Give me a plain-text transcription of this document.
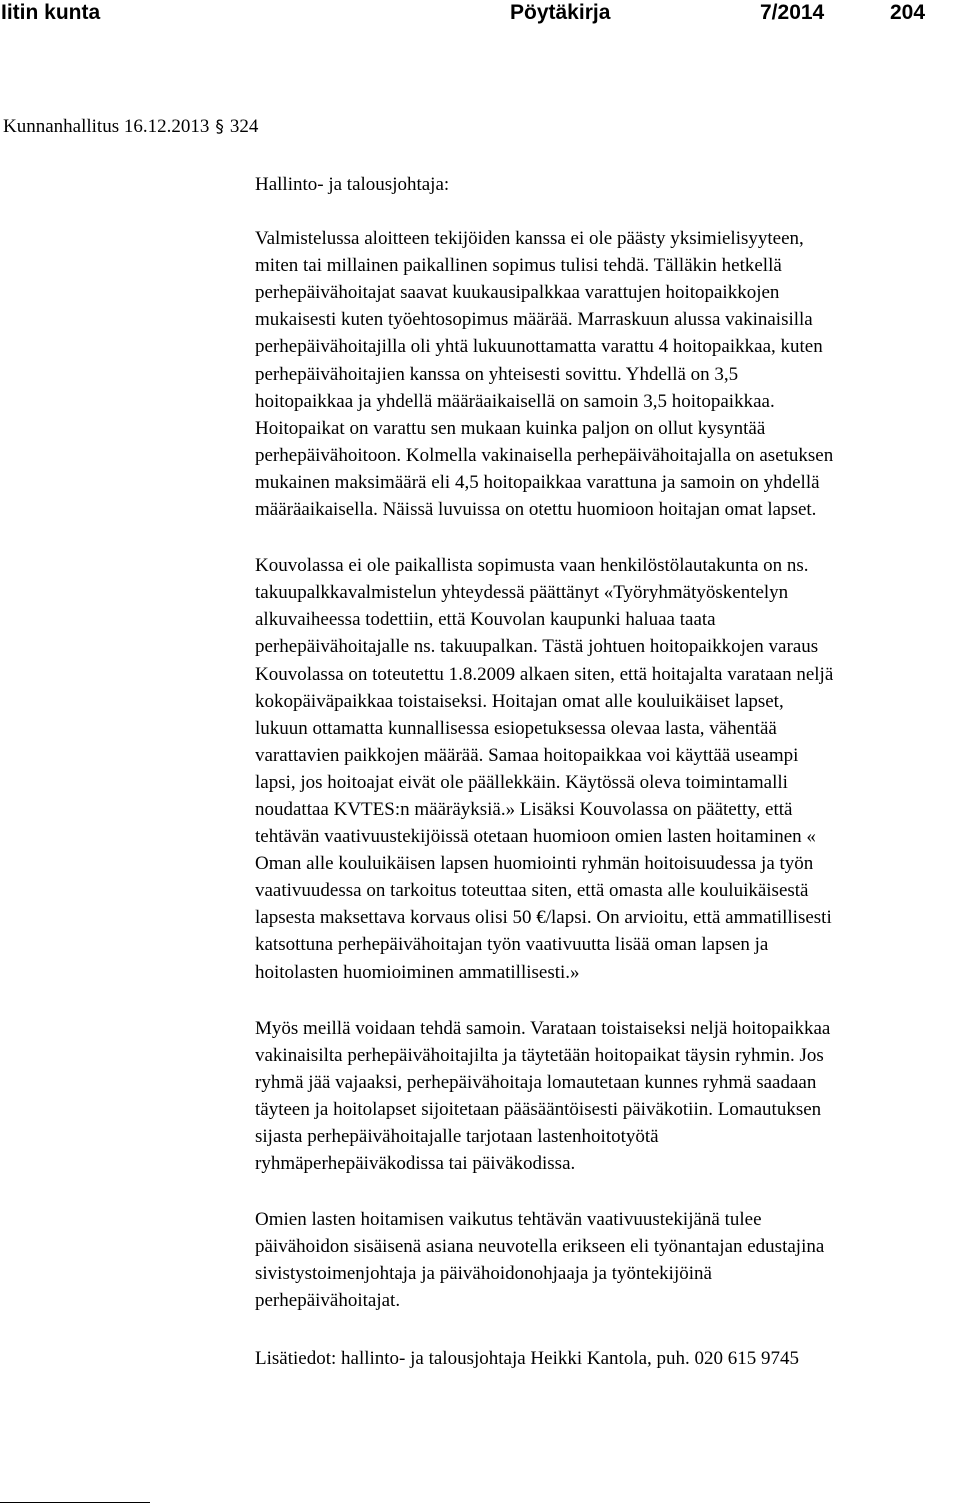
Iitin kunta	Pöytäkirja	7/2014	204
Kunnanhallitus 16.12.2013 § 324

Hallinto- ja talousjohtaja:

Valmistelussa aloitteen tekijöiden kanssa ei ole päästy yksimielisyyteen,
miten tai millainen paikallinen sopimus tulisi tehdä. Tälläkin hetkellä
perhepäivähoitajat saavat kuukausipalkkaa varattujen hoitopaikkojen
mukaisesti kuten työehtosopimus määrää. Marraskuun alussa vakinaisilla
perhepäivähoitajilla oli yhtä lukuunottamatta varattu 4 hoitopaikkaa, kuten
perhepäivähoitajien kanssa on yhteisesti sovittu. Yhdellä on 3,5
hoitopaikkaa ja yhdellä määräaikaisellä on samoin 3,5 hoitopaikkaa.
Hoitopaikat on varattu sen mukaan kuinka paljon on ollut kysyntää
perhepäivähoitoon. Kolmella vakinaisella perhepäivähoitajalla on asetuksen
mukainen maksimäärä eli 4,5 hoitopaikkaa varattuna ja samoin on yhdellä
määräaikaisella. Näissä luvuissa on otettu huomioon hoitajan omat lapset.

Kouvolassa ei ole paikallista sopimusta vaan henkilöstölautakunta on ns.
takuupalkkavalmistelun yhteydessä päättänyt «Työryhmätyöskentelyn
alkuvaiheessa todettiin, että Kouvolan kaupunki haluaa taata
perhepäivähoitajalle ns. takuupalkan. Tästä johtuen hoitopaikkojen varaus
Kouvolassa on toteutettu 1.8.2009 alkaen siten, että hoitajalta varataan neljä
kokopäiväpaikkaa toistaiseksi. Hoitajan omat alle kouluikäiset lapset,
lukuun ottamatta kunnallisessa esiopetuksessa olevaa lasta, vähentää
varattavien paikkojen määrää. Samaa hoitopaikkaa voi käyttää useampi
lapsi, jos hoitoajat eivät ole päällekkäin. Käytössä oleva toimintamalli
noudattaa KVTES:n määräyksiä.» Lisäksi Kouvolassa on päätetty, että
tehtävän vaativuustekijöissä otetaan huomioon omien lasten hoitaminen «
Oman alle kouluikäisen lapsen huomiointi ryhmän hoitoisuudessa ja työn
vaativuudessa on tarkoitus toteuttaa siten, että omasta alle kouluikäisestä
lapsesta maksettava korvaus olisi 50 €/lapsi. On arvioitu, että ammatillisesti
katsottuna perhepäivähoitajan työn vaativuutta lisää oman lapsen ja
hoitolasten huomioiminen ammatillisesti.»

Myös meillä voidaan tehdä samoin. Varataan toistaiseksi neljä hoitopaikkaa
vakinaisilta perhepäivähoitajilta ja täytetään hoitopaikat täysin ryhmin. Jos
ryhmä jää vajaaksi, perhepäivähoitaja lomautetaan kunnes ryhmä saadaan
täyteen ja hoitolapset sijoitetaan pääsääntöisesti päiväkotiin. Lomautuksen
sijasta perhepäivähoitajalle tarjotaan lastenhoitotyötä
ryhmäperhepäiväkodissa tai päiväkodissa.

Omien lasten hoitamisen vaikutus tehtävän vaativuustekijänä tulee
päivähoidon sisäisenä asiana neuvotella erikseen eli työnantajan edustajina
sivistystoimenjohtaja ja päivähoidonohjaaja ja työntekijöinä
perhepäivähoitajat.

Lisätiedot: hallinto- ja talousjohtaja Heikki Kantola, puh. 020 615 9745
